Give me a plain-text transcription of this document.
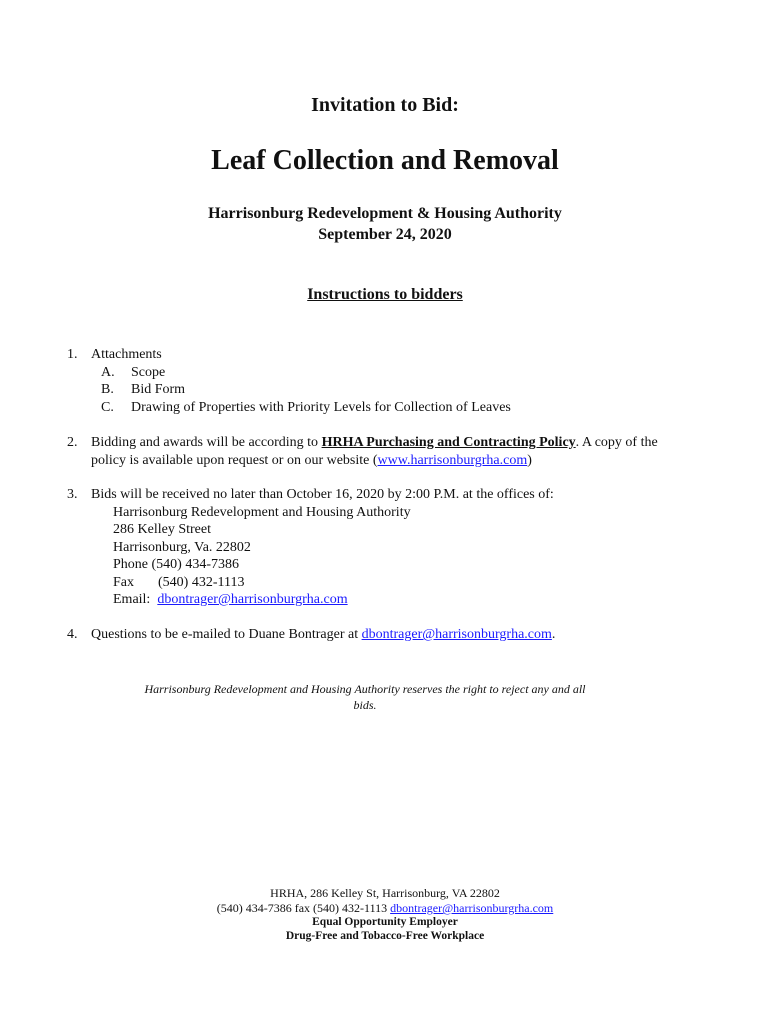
Invitation to Bid:
Leaf Collection and Removal
Harrisonburg Redevelopment & Housing Authority
September 24, 2020
Instructions to bidders
1. Attachments
A. Scope
B. Bid Form
C. Drawing of Properties with Priority Levels for Collection of Leaves
2. Bidding and awards will be according to HRHA Purchasing and Contracting Policy. A copy of the
policy is available upon request or on our website (www.harrisonburgrha.com)
3. Bids will be received no later than October 16, 2020 by 2:00 P.M. at the offices of:
Harrisonburg Redevelopment and Housing Authority
286 Kelley Street
Harrisonburg, Va. 22802
Phone (540) 434-7386
Fax (540) 432-1113
Email: dbontrager@harrisonburgrha.com
4. Questions to be e-mailed to Duane Bontrager at dbontrager@harrisonburgrha.com.
Harrisonburg Redevelopment and Housing Authority reserves the right to reject any and all
bids.
HRHA, 286 Kelley St, Harrisonburg, VA 22802
(540) 434-7386 fax (540) 432-1113 dbontrager@harrisonburgrha.com
Equal Opportunity Employer
Drug-Free and Tobacco-Free Workplace
